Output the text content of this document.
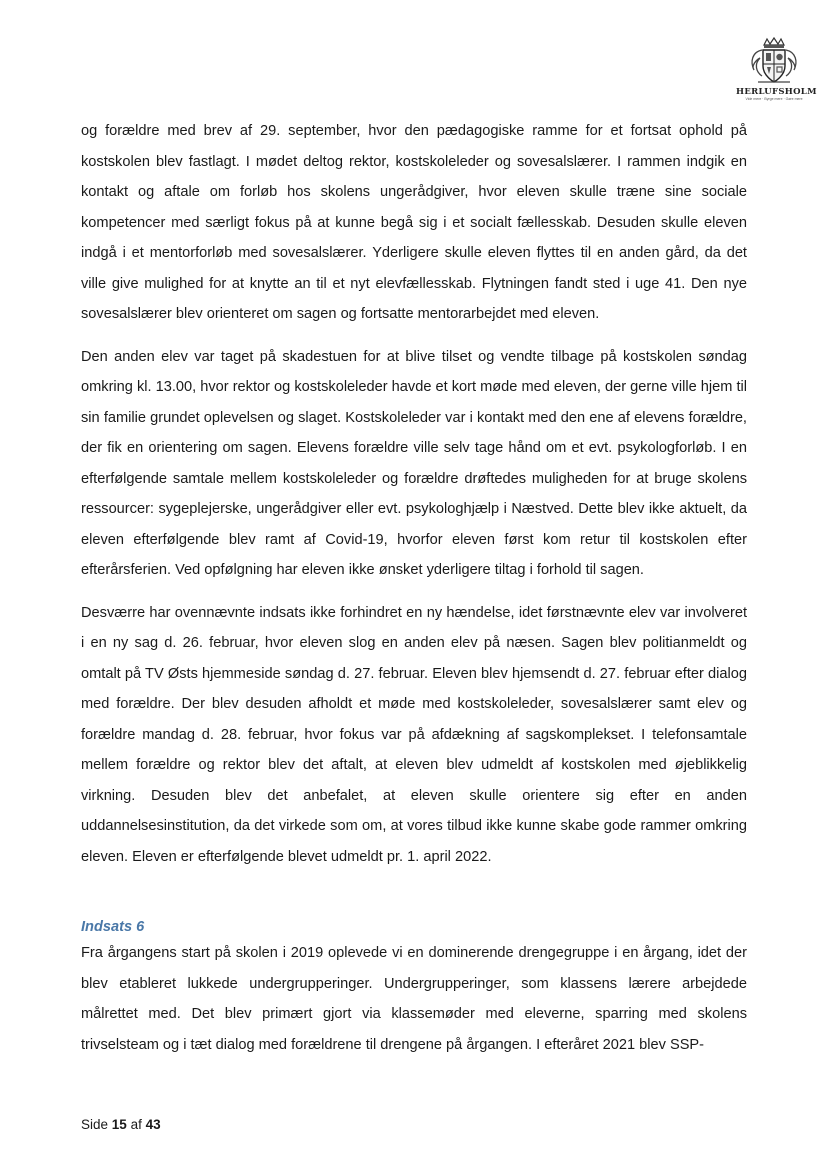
HERLUFSHOLM
Vide mere · Byrge mere · Gøre mere

og forældre med brev af 29. september, hvor den pædagogiske ramme for et fortsat ophold på kostskolen blev fastlagt. I mødet deltog rektor, kostskoleleder og sovesalslærer. I rammen indgik en kontakt og aftale om forløb hos skolens ungerådgiver, hvor eleven skulle træne sine sociale kompetencer med særligt fokus på at kunne begå sig i et socialt fællesskab. Desuden skulle eleven indgå i et mentorforløb med sovesalslærer. Yderligere skulle eleven flyttes til en anden gård, da det ville give mulighed for at knytte an til et nyt elevfællesskab. Flytningen fandt sted i uge 41. Den nye sovesalslærer blev orienteret om sagen og fortsatte mentorarbejdet med eleven.

Den anden elev var taget på skadestuen for at blive tilset og vendte tilbage på kostskolen søndag omkring kl. 13.00, hvor rektor og kostskoleleder havde et kort møde med eleven, der gerne ville hjem til sin familie grundet oplevelsen og slaget. Kostskoleleder var i kontakt med den ene af elevens forældre, der fik en orientering om sagen. Elevens forældre ville selv tage hånd om et evt. psykologforløb. I en efterfølgende samtale mellem kostskoleleder og forældre drøftedes muligheden for at bruge skolens ressourcer: sygeplejerske, ungerådgiver eller evt. psykologhjælp i Næstved. Dette blev ikke aktuelt, da eleven efterfølgende blev ramt af Covid-19, hvorfor eleven først kom retur til kostskolen efter efterårsferien. Ved opfølgning har eleven ikke ønsket yderligere tiltag i forhold til sagen.

Desværre har ovennævnte indsats ikke forhindret en ny hændelse, idet førstnævnte elev var involveret i en ny sag d. 26. februar, hvor eleven slog en anden elev på næsen. Sagen blev politianmeldt og omtalt på TV Østs hjemmeside søndag d. 27. februar. Eleven blev hjemsendt d. 27. februar efter dialog med forældre. Der blev desuden afholdt et møde med kostskoleleder, sovesalslærer samt elev og forældre mandag d. 28. februar, hvor fokus var på afdækning af sagskomplekset. I telefonsamtale mellem forældre og rektor blev det aftalt, at eleven blev udmeldt af kostskolen med øjeblikkelig virkning. Desuden blev det anbefalet, at eleven skulle orientere sig efter en anden uddannelsesinstitution, da det virkede som om, at vores tilbud ikke kunne skabe gode rammer omkring eleven. Eleven er efterfølgende blevet udmeldt pr. 1. april 2022.

Indsats 6

Fra årgangens start på skolen i 2019 oplevede vi en dominerende drengegruppe i en årgang, idet der blev etableret lukkede undergrupperinger. Undergrupperinger, som klassens lærere arbejdede målrettet med. Det blev primært gjort via klassemøder med eleverne, sparring med skolens trivselsteam og i tæt dialog med forældrene til drengene på årgangen. I efteråret 2021 blev SSP-

Side 15 af 43
